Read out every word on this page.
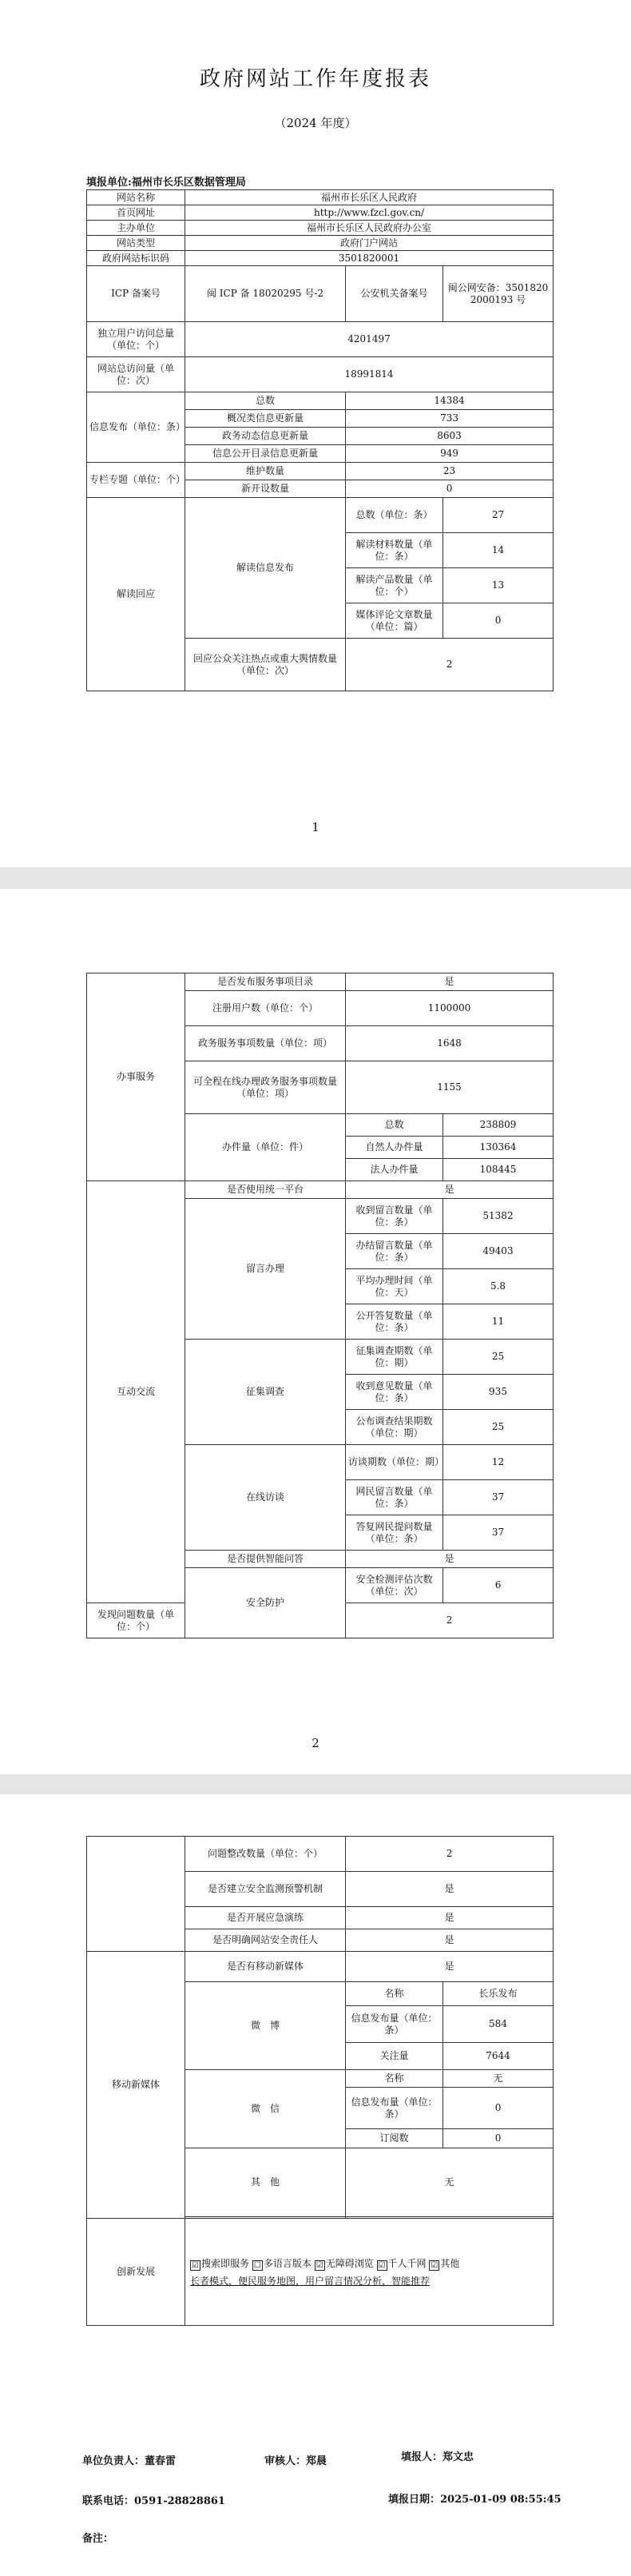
政府网站工作年度报表
（2024 年度）
填报单位:福州市长乐区数据管理局
网站名称	福州市长乐区人民政府		
首页网址	http://www.fzcl.gov.cn/		
主办单位	福州市长乐区人民政府办公室		
网站类型	政府门户网站		
政府网站标识码	3501820001		
ICP 备案号	闽 ICP 备 18020295 号-2	公安机关备案号	闽公网安备：35018202000193 号
独立用户访问总量（单位：个）	4201497		
网站总访问量（单位：次）	18991814		
信息发布（单位：条）	总数	14384	
	概况类信息更新量	733	
	政务动态信息更新量	8603	
	信息公开目录信息更新量	949	
专栏专题（单位：个）	维护数量	23	
	新开设数量	0	
解读回应	解读信息发布	总数（单位：条）	27
		解读材料数量（单位：条）	14
		解读产品数量（单位：个）	13
		媒体评论文章数量（单位：篇）	0
	回应公众关注热点或重大舆情数量（单位：次）	2	
1
2
办事服务	是否发布服务事项目录	是	
	注册用户数（单位：个）	1100000	
	政务服务事项数量（单位：项）	1648	
	可全程在线办理政务服务事项数量（单位：项）	1155	
	办件量（单位：件）	总数	238809
		自然人办件量	130364
		法人办件量	108445
互动交流	是否使用统一平台	是	
	留言办理	收到留言数量（单位：条）	51382
		办结留言数量（单位：条）	49403
		平均办理时间（单位：天）	5.8
		公开答复数量（单位：条）	11
	征集调查	征集调查期数（单位：期）	25
		收到意见数量（单位：条）	935
		公布调查结果期数（单位：期）	25
	在线访谈	访谈期数（单位：期）	12
		网民留言数量（单位：条）	37
		答复网民提问数量（单位：条）	37
	是否提供智能问答	是	
	安全防护	安全检测评估次数（单位：次）	6
发现问题数量（单位：个）		2	
单位负责人：董春雷	审核人：郑晨	填报人：郑文忠
联系电话：0591-28828861	填报日期：2025-01-09 08:55:45
备注：
	问题整改数量（单位：个）	2	
	是否建立安全监测预警机制	是	
	是否开展应急演练	是	
	是否明确网站安全责任人	是	
移动新媒体	是否有移动新媒体	是	
	微　博	名称	长乐发布
		信息发布量（单位：条）	584
		关注量	7644
	微　信	名称	无
		信息发布量（单位：条）	0
		订阅数	0
	其　他	无	

创新发展	☑ 搜索即服务 ☐ 多语言版本 ☑ 无障碍浏览 ☑ 千人千网 ☑ 其他
长者模式，便民服务地图，用户留言情况分析，智能推荐		
